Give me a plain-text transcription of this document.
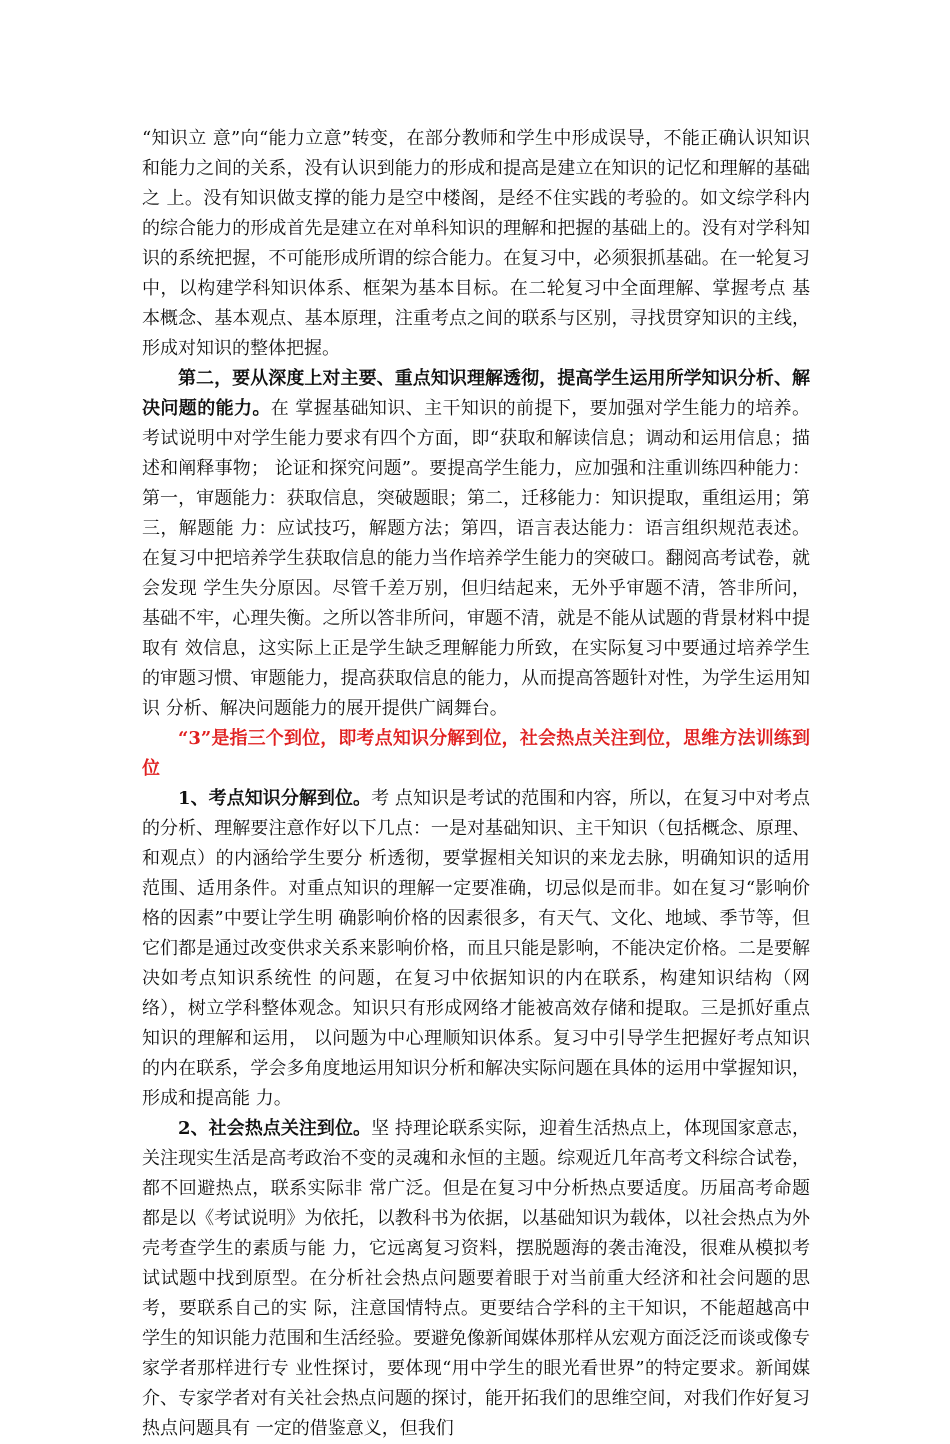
“知识立 意”向“能力立意”转变，在部分教师和学生中形成误导，不能正确认识知识和能力之间的关系，没有认识到能力的形成和提高是建立在知识的记忆和理解的基础之 上。没有知识做支撑的能力是空中楼阁，是经不住实践的考验的。如文综学科内的综合能力的形成首先是建立在对单科知识的理解和把握的基础上的。没有对学科知 识的系统把握，不可能形成所谓的综合能力。在复习中，必须狠抓基础。在一轮复习中，以构建学科知识体系、框架为基本目标。在二轮复习中全面理解、掌握考点 基本概念、基本观点、基本原理，注重考点之间的联系与区别，寻找贯穿知识的主线，形成对知识的整体把握。

第二，要从深度上对主要、重点知识理解透彻，提高学生运用所学知识分析、解决问题的能力。在 掌握基础知识、主干知识的前提下，要加强对学生能力的培养。考试说明中对学生能力要求有四个方面，即“获取和解读信息；调动和运用信息；描述和阐释事物； 论证和探究问题”。要提高学生能力，应加强和注重训练四种能力：第一，审题能力：获取信息，突破题眼；第二，迁移能力：知识提取，重组运用；第三，解题能 力：应试技巧，解题方法；第四，语言表达能力：语言组织规范表述。在复习中把培养学生获取信息的能力当作培养学生能力的突破口。翻阅高考试卷，就会发现 学生失分原因。尽管千差万别，但归结起来，无外乎审题不清，答非所问，基础不牢，心理失衡。之所以答非所问，审题不清，就是不能从试题的背景材料中提取有 效信息，这实际上正是学生缺乏理解能力所致，在实际复习中要通过培养学生的审题习惯、审题能力，提高获取信息的能力，从而提高答题针对性，为学生运用知识 分析、解决问题能力的展开提供广阔舞台。

“3”是指三个到位，即考点知识分解到位，社会热点关注到位，思维方法训练到位

1、考点知识分解到位。考 点知识是考试的范围和内容，所以，在复习中对考点的分析、理解要注意作好以下几点：一是对基础知识、主干知识（包括概念、原理、和观点）的内涵给学生要分 析透彻，要掌握相关知识的来龙去脉，明确知识的适用范围、适用条件。对重点知识的理解一定要准确，切忌似是而非。如在复习“影响价格的因素”中要让学生明 确影响价格的因素很多，有天气、文化、地域、季节等，但它们都是通过改变供求关系来影响价格，而且只能是影响，不能决定价格。二是要解决如考点知识系统性 的问题，在复习中依据知识的内在联系，构建知识结构（网络），树立学科整体观念。知识只有形成网络才能被高效存储和提取。三是抓好重点知识的理解和运用， 以问题为中心理顺知识体系。复习中引导学生把握好考点知识的内在联系，学会多角度地运用知识分析和解决实际问题在具体的运用中掌握知识，形成和提高能 力。

2、社会热点关注到位。坚 持理论联系实际，迎着生活热点上，体现国家意志，关注现实生活是高考政治不变的灵魂和永恒的主题。综观近几年高考文科综合试卷，都不回避热点，联系实际非 常广泛。但是在复习中分析热点要适度。历届高考命题都是以《考试说明》为依托，以教科书为依据，以基础知识为载体，以社会热点为外壳考查学生的素质与能 力，它远离复习资料，摆脱题海的袭击淹没，很难从模拟考试试题中找到原型。在分析社会热点问题要着眼于对当前重大经济和社会问题的思考，要联系自己的实 际，注意国情特点。更要结合学科的主干知识，不能超越高中学生的知识能力范围和生活经验。要避免像新闻媒体那样从宏观方面泛泛而谈或像专家学者那样进行专 业性探讨，要体现“用中学生的眼光看世界”的特定要求。新闻媒介、专家学者对有关社会热点问题的探讨，能开拓我们的思维空间，对我们作好复习热点问题具有 一定的借鉴意义，但我们
